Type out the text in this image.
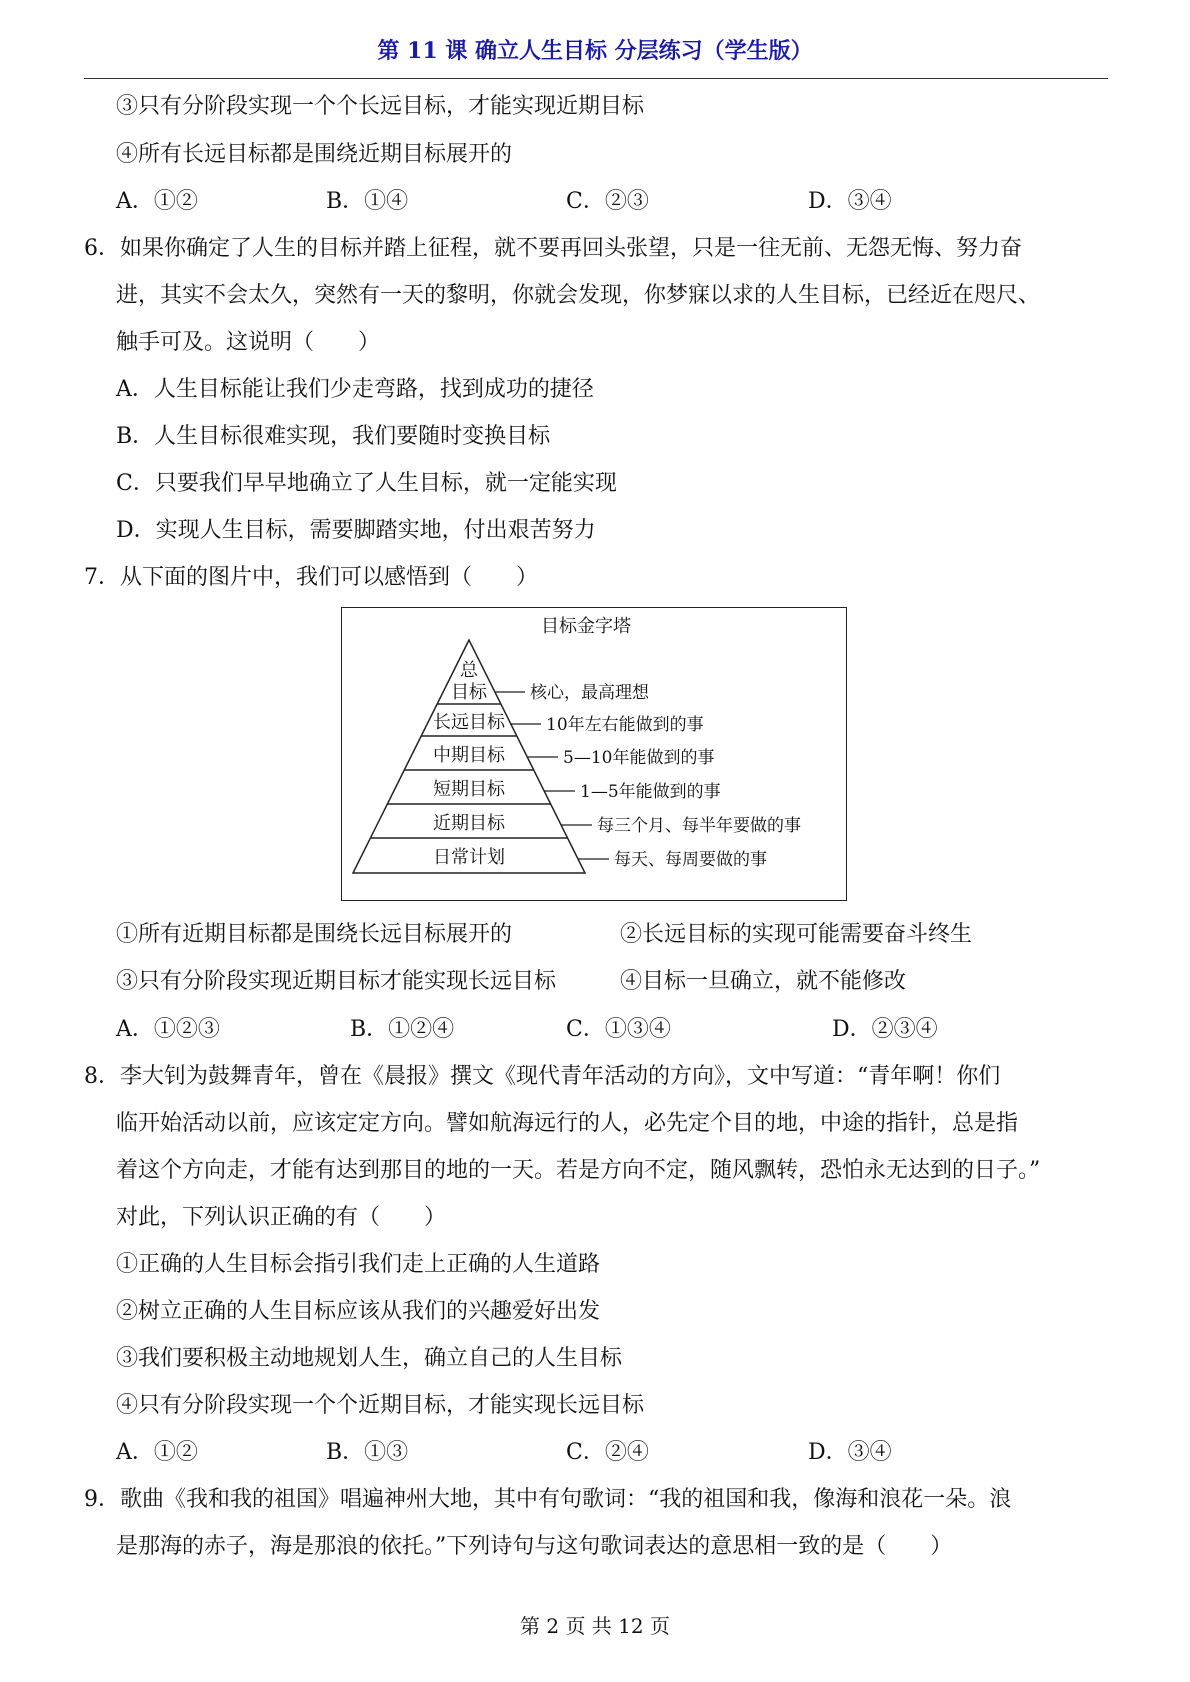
第 11 课 确立人生目标 分层练习（学生版）
③只有分阶段实现一个个长远目标，才能实现近期目标
④所有长远目标都是围绕近期目标展开的
A．①②	B．①④	C．②③	D．③④
6．如果你确定了人生的目标并踏上征程，就不要再回头张望，只是一往无前、无怨无悔、努力奋
进，其实不会太久，突然有一天的黎明，你就会发现，你梦寐以求的人生目标，已经近在咫尺、
触手可及。这说明（　　）
A．人生目标能让我们少走弯路，找到成功的捷径
B．人生目标很难实现，我们要随时变换目标
C．只要我们早早地确立了人生目标，就一定能实现
D．实现人生目标，需要脚踏实地，付出艰苦努力
7．从下面的图片中，我们可以感悟到（　　）
目标金字塔
总
目标
长远目标
中期目标
短期目标
近期目标
日常计划
核心，最高理想
10年左右能做到的事
5—10年能做到的事
1—5年能做到的事
每三个月、每半年要做的事
每天、每周要做的事
①所有近期目标都是围绕长远目标展开的	②长远目标的实现可能需要奋斗终生
③只有分阶段实现近期目标才能实现长远目标	④目标一旦确立，就不能修改
A．①②③	B．①②④	C．①③④	D．②③④
8．李大钊为鼓舞青年，曾在《晨报》撰文《现代青年活动的方向》，文中写道：“青年啊！你们
临开始活动以前，应该定定方向。譬如航海远行的人，必先定个目的地，中途的指针，总是指
着这个方向走，才能有达到那目的地的一天。若是方向不定，随风飘转，恐怕永无达到的日子。”
对此，下列认识正确的有（　　）
①正确的人生目标会指引我们走上正确的人生道路
②树立正确的人生目标应该从我们的兴趣爱好出发
③我们要积极主动地规划人生，确立自己的人生目标
④只有分阶段实现一个个近期目标，才能实现长远目标
A．①②	B．①③	C．②④	D．③④
9．歌曲《我和我的祖国》唱遍神州大地，其中有句歌词：“我的祖国和我，像海和浪花一朵。浪
是那海的赤子，海是那浪的依托。”下列诗句与这句歌词表达的意思相一致的是（　　）
第 2 页 共 12 页
